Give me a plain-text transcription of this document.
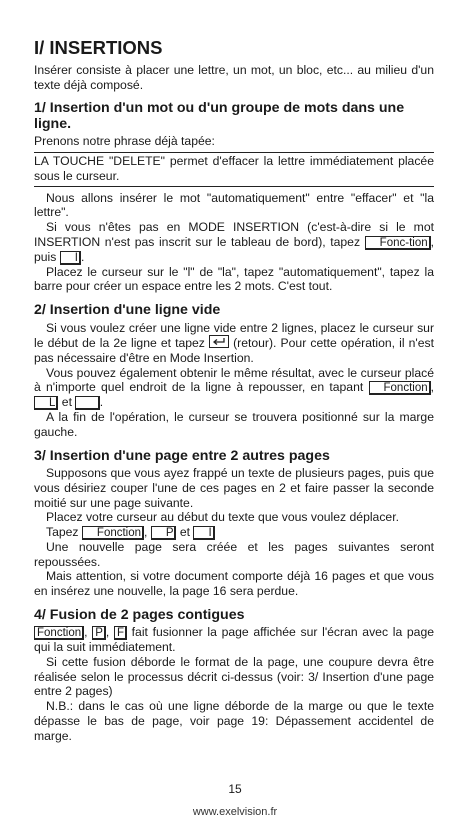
I/ INSERTIONS

Insérer consiste à placer une lettre, un mot, un bloc, etc... au milieu d'un texte déjà composé.

1/ Insertion d'un mot ou d'un groupe de mots dans une ligne.

Prenons notre phrase déjà tapée:

LA TOUCHE "DELETE" permet d'effacer la lettre immédiatement placée sous le curseur.

Nous allons insérer le mot "automatiquement" entre "effacer" et "la lettre".

Si vous n'êtes pas en MODE INSERTION (c'est-à-dire si le mot INSERTION n'est pas inscrit sur le tableau de bord), tapez Fonc-tion , puis I .

Placez le curseur sur le "l" de "la", tapez "automatiquement", tapez la barre pour créer un espace entre les 2 mots. C'est tout.

2/ Insertion d'une ligne vide

Si vous voulez créer une ligne vide entre 2 lignes, placez le curseur sur le début de la 2e ligne et tapez (retour). Pour cette opération, il n'est pas nécessaire d'être en Mode Insertion.

Vous pouvez également obtenir le même résultat, avec le curseur placé à n'importe quel endroit de la ligne à repousser, en tapant Fonction , L et .

A la fin de l'opération, le curseur se trouvera positionné sur la marge gauche.

3/ Insertion d'une page entre 2 autres pages

Supposons que vous ayez frappé un texte de plusieurs pages, puis que vous désiriez couper l'une de ces pages en 2 et faire passer la seconde moitié sur une page suivante.

Placez votre curseur au début du texte que vous voulez déplacer.

Tapez Fonction , P et I

Une nouvelle page sera créée et les pages suivantes seront repoussées.

Mais attention, si votre document comporte déjà 16 pages et que vous en insérez une nouvelle, la page 16 sera perdue.

4/ Fusion de 2 pages contigues

Fonction , P , F fait fusionner la page affichée sur l'écran avec la page qui la suit immédiatement.

Si cette fusion déborde le format de la page, une coupure devra être réalisée selon le processus décrit ci-dessus (voir: 3/ Insertion d'une page entre 2 pages)

N.B.: dans le cas où une ligne déborde de la marge ou que le texte dépasse le bas de page, voir page 19: Dépassement accidentel de marge.

15
www.exelvision.fr
